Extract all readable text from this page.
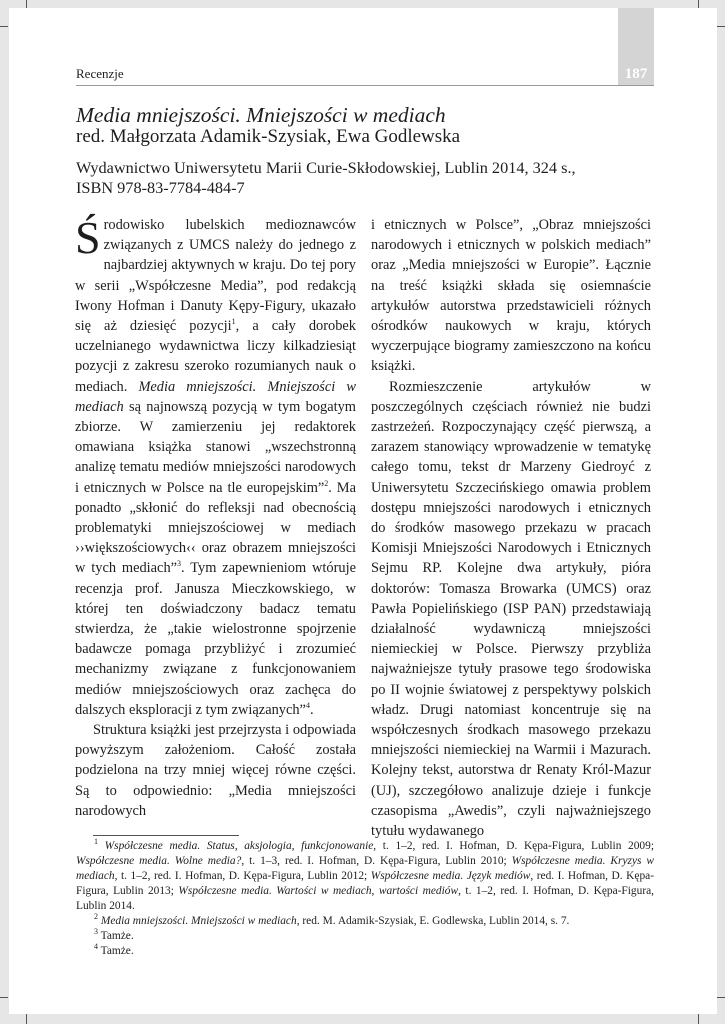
187
Recenzje
Media mniejszości. Mniejszości w mediach
red. Małgorzata Adamik-Szysiak, Ewa Godlewska
Wydawnictwo Uniwersytetu Marii Curie-Skłodowskiej, Lublin 2014, 324 s.,
ISBN 978-83-7784-484-7

Środowisko lubelskich medioznawców związanych z UMCS należy do jednego z najbardziej aktywnych w kraju. Do tej pory w serii „Współczesne Media”, pod redakcją Iwony Hofman i Danuty Kępy-Figury, ukazało się aż dziesięć pozycji$^1$, a cały dorobek uczelnianego wydawnictwa liczy kilkadziesiąt pozycji z zakresu szeroko rozumianych nauk o mediach. Media mniejszości. Mniejszości w mediach są najnowszą pozycją w tym bogatym zbiorze. W zamierzeniu jej redaktorek omawiana książka stanowi „wszechstronną analizę tematu mediów mniejszości narodowych i etnicznych w Polsce na tle europejskim”$^2$. Ma ponadto „skłonić do refleksji nad obecnością problematyki mniejszościowej w mediach ››większościowych‹‹ oraz obrazem mniejszości w tych mediach”$^3$. Tym zapewnieniom wtóruje recenzja prof. Janusza Mieczkowskiego, w której ten doświadczony badacz tematu stwierdza, że „takie wielostronne spojrzenie badawcze pomaga przybliżyć i zrozumieć mechanizmy związane z funkcjonowaniem mediów mniejszościowych oraz zachęca do dalszych eksploracji z tym związanych”$^4$.

Struktura książki jest przejrzysta i odpowiada powyższym założeniom. Całość została podzielona na trzy mniej więcej równe części. Są to odpowiednio: „Media mniejszości narodowych

i etnicznych w Polsce”, „Obraz mniejszości narodowych i etnicznych w polskich mediach” oraz „Media mniejszości w Europie”. Łącznie na treść książki składa się osiemnaście artykułów autorstwa przedstawicieli różnych ośrodków naukowych w kraju, których wyczerpujące biogramy zamieszczono na końcu książki.

Rozmieszczenie artykułów w poszczególnych częściach również nie budzi zastrzeżeń. Rozpoczynający część pierwszą, a zarazem stanowiący wprowadzenie w tematykę całego tomu, tekst dr Marzeny Giedroyć z Uniwersytetu Szczecińskiego omawia problem dostępu mniejszości narodowych i etnicznych do środków masowego przekazu w pracach Komisji Mniejszości Narodowych i Etnicznych Sejmu RP. Kolejne dwa artykuły, pióra doktorów: Tomasza Browarka (UMCS) oraz Pawła Popielińskiego (ISP PAN) przedstawiają działalność wydawniczą mniejszości niemieckiej w Polsce. Pierwszy przybliża najważniejsze tytuły prasowe tego środowiska po II wojnie światowej z perspektywy polskich władz. Drugi natomiast koncentruje się na współczesnych środkach masowego przekazu mniejszości niemieckiej na Warmii i Mazurach. Kolejny tekst, autorstwa dr Renaty Król-Mazur (UJ), szczegółowo analizuje dzieje i funkcje czasopisma „Awedis”, czyli najważniejszego tytułu wydawanego

$^1$ Współczesne media. Status, aksjologia, funkcjonowanie, t. 1–2, red. I. Hofman, D. Kępa-Figura, Lublin 2009; Współczesne media. Wolne media?, t. 1–3, red. I. Hofman, D. Kępa-Figura, Lublin 2010; Współczesne media. Kryzys w mediach, t. 1–2, red. I. Hofman, D. Kępa-Figura, Lublin 2012; Współczesne media. Język mediów, red. I. Hofman, D. Kępa-Figura, Lublin 2013; Współczesne media. Wartości w mediach, wartości mediów, t. 1–2, red. I. Hofman, D. Kępa-Figura, Lublin 2014.

$^2$ Media mniejszości. Mniejszości w mediach, red. M. Adamik-Szysiak, E. Godlewska, Lublin 2014, s. 7.

$^3$ Tamże.

$^4$ Tamże.
